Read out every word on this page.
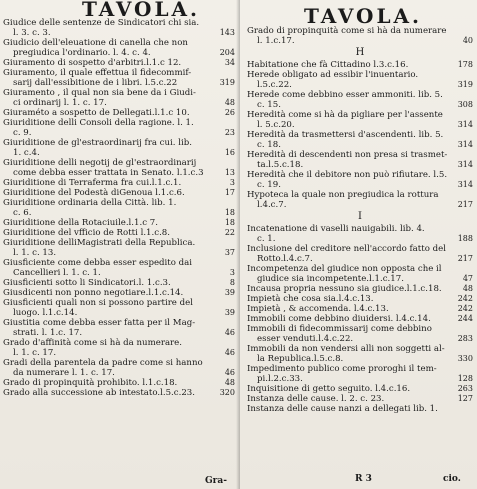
TAVOLA.
Giudice delle sentenze de Sindicatori chi sia.
l. 3. c. 3.	143
Giudicio dell'eleuatione di canella che non
pregiudica l'ordinario. l. 4. c. 4.	204
Giuramento di sospetto d'arbitri.l.1.c 12.	34
Giuramento, il quale effettua il fidecommif-
sarij dall'essibitione de i libri. l.5.c.22	319
Giuramento , il qual non sia bene da i Giudi-
ci ordinarij l. 1. c. 17.	48
Giuraméto a sospetto de Dellegati.l.1.c 10.	26
Giuriditione delli Consoli della ragione. l. 1.
c. 9.	23
Giuriditione de gl'estraordinarij fra cui. lib.
1. c.4.	16
Giuriditione delli negotij de gl'estraordinarij
come debba esser trattata in Senato. l.1.c.3	13
Giuriditione di Terraferma fra cui.l.1.c.1.	3
Giuriditione del Podestà diGenoua l.1.c.6.	17
Giuriditione ordinaria della Città. lib. 1.
c. 6.	18
Giuriditione della Rotaciuile.l.1.c 7.	18
Giuriditione del vfficio de Rotti l.1.c.8.	22
Giuriditione delliMagistrati della Republica.
l. 1. c. 13.	37
Giusficiente come debba esser espedito dai
Cancellieri l. 1. c. 1.	3
Giusficienti sotto li Sindicatori.l. 1.c.3.	8
Giusdicenti non ponno negotiare.l.1.c.14.	39
Giusficienti quali non si possono partire del
luogo. l.1.c.14.	39
Giustitia come debba esser fatta per il Mag-
strati. l. 1.c. 17.	46
Grado d'affinità come si hà da numerare.
l. 1. c. 17.	46
Gradi della parentela da padre come si hanno
da numerare l. 1. c. 17.	46
Grado di propinquità prohibito. l.1.c.18.	48
Grado alla successione ab intestato.l.5.c.23.	320
Gra-
TAVOLA.
Grado di propinquità come si hà da numerare
l. 1.c.17.	40
H
Habitatione che fà Cittadino l.3.c.16.	178
Herede obligato ad essibir l'inuentario.
l.5.c.22.	319
Herede come debbino esser ammoniti. lib. 5.
c. 15.	308
Heredità come si hà da pigliare per l'assente
l. 5.c.20.	314
Heredità da trasmettersi d'ascendenti. lib. 5.
c. 18.	314
Heredità di descendenti non presa si trasmet-
ta.l.5.c.18.	314
Heredità che il debitore non può rifiutare. l.5.
c. 19.	314
Hypoteca la quale non pregiudica la rottura
l.4.c.7.	217
I
Incatenatione di vaselli nauigabili. lib. 4.
c. 1.	188
Inclusione del creditore nell'accordo fatto del
Rotto.l.4.c.7.	217
Incompetenza del giudice non opposta che il
giudice sia incompetente.l.1.c.17.	47
Incausa propria nessuno sia giudice.l.1.c.18.	48
Impietà che cosa sia.l.4.c.13.	242
Impietà , & accomenda. l.4.c.13.	242
Immobili come debbino diuidersi. l.4.c.14.	244
Immobili di fidecommissarij come debbino
esser venduti.l.4.c.22.	283
Immobili da non vendersi alli non soggetti al-
la Republica.l.5.c.8.	330
Impedimento publico come proroghi il tem-
pi.l.2.c.33.	128
Inquisitione di getto seguito. l.4.c.16.	263
Instanza delle cause. l. 2. c. 23.	127
Instanza delle cause nanzi a dellegati lib. 1.
R 3	cio.
